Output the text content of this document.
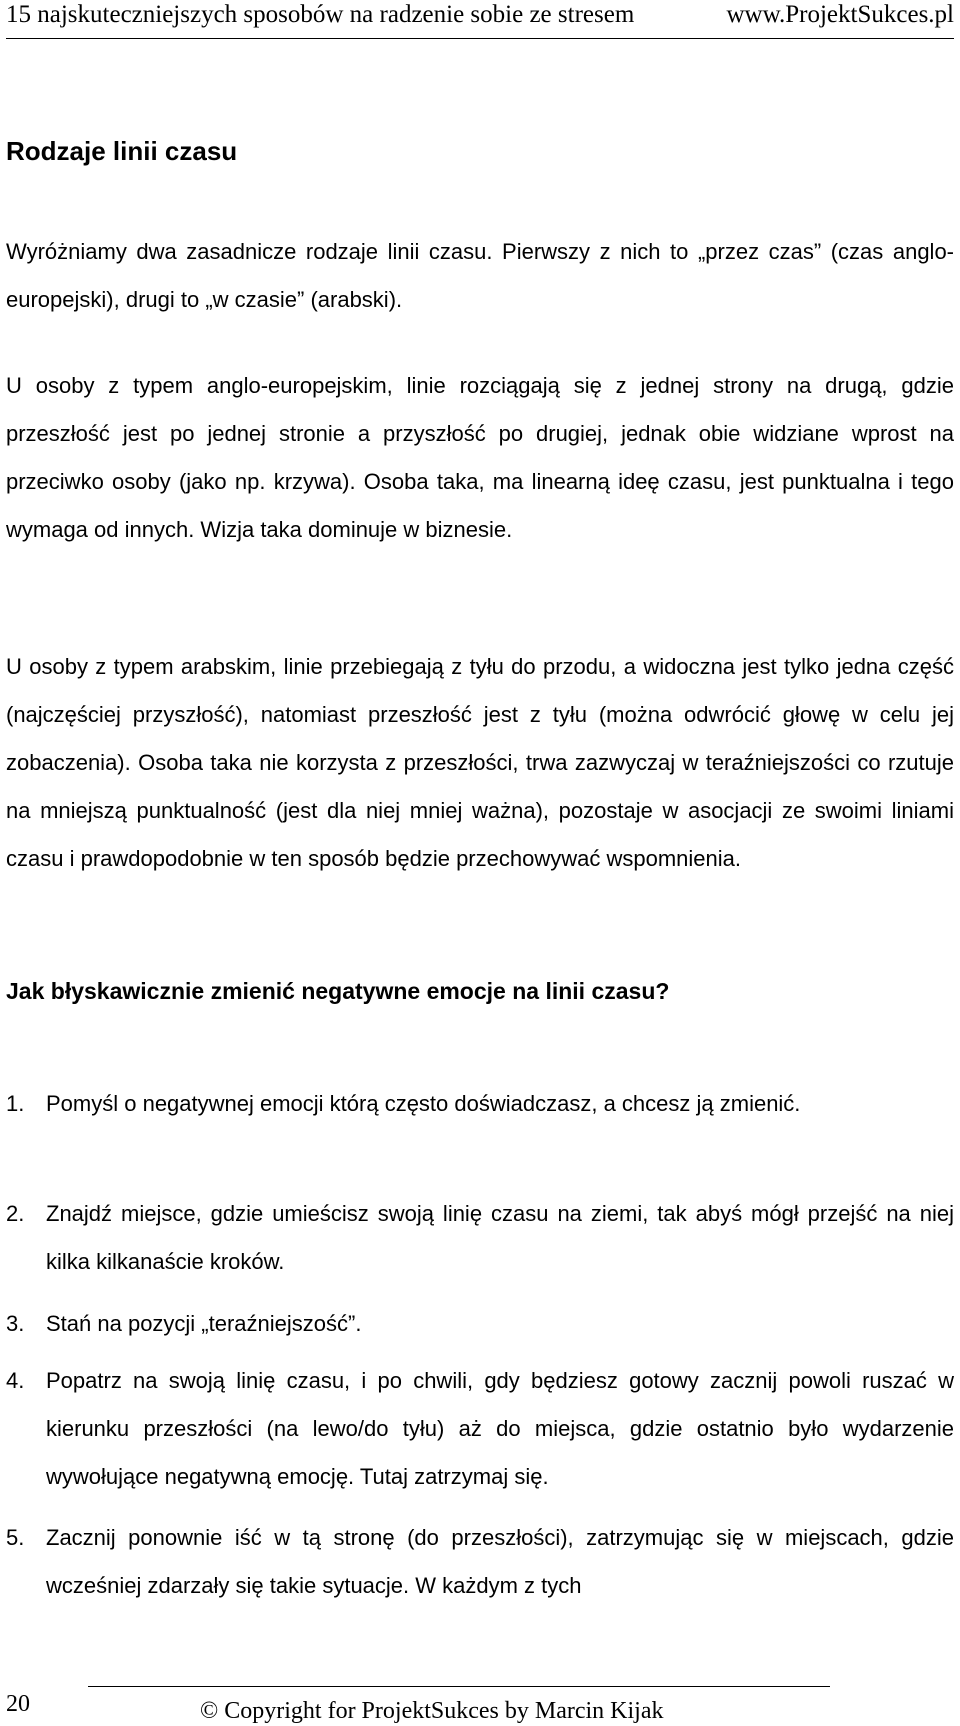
15 najskuteczniejszych sposobów na radzenie sobie ze stresem	www.ProjektSukces.pl
Rodzaje linii czasu

Wyróżniamy dwa zasadnicze rodzaje linii czasu. Pierwszy z nich to „przez czas” (czas anglo-europejski), drugi to „w czasie” (arabski).

U osoby z typem anglo-europejskim, linie rozciągają się z jednej strony na drugą, gdzie przeszłość jest po jednej stronie a przyszłość po drugiej, jednak obie widziane wprost na przeciwko osoby (jako np. krzywa). Osoba taka, ma linearną ideę czasu, jest punktualna i tego wymaga od innych. Wizja taka dominuje w biznesie.

U osoby z typem arabskim, linie przebiegają z tyłu do przodu, a widoczna jest tylko jedna część (najczęściej przyszłość), natomiast przeszłość jest z tyłu (można odwrócić głowę w celu jej zobaczenia). Osoba taka nie korzysta z przeszłości, trwa zazwyczaj w teraźniejszości co rzutuje na mniejszą punktualność (jest dla niej mniej ważna), pozostaje w asocjacji ze swoimi liniami czasu i prawdopodobnie w ten sposób będzie przechowywać wspomnienia.

Jak błyskawicznie zmienić negatywne emocje na linii czasu?
1. Pomyśl o negatywnej emocji którą często doświadczasz, a chcesz ją zmienić.
2. Znajdź miejsce, gdzie umieścisz swoją linię czasu na ziemi, tak abyś mógł przejść na niej kilka kilkanaście kroków.
3. Stań na pozycji „teraźniejszość”.
4. Popatrz na swoją linię czasu, i po chwili, gdy będziesz gotowy zacznij powoli ruszać w kierunku przeszłości (na lewo/do tyłu) aż do miejsca, gdzie ostatnio było wydarzenie wywołujące negatywną emocję. Tutaj zatrzymaj się.
5. Zacznij ponownie iść w tą stronę (do przeszłości), zatrzymując się w miejscach, gdzie wcześniej zdarzały się takie sytuacje. W każdym z tych
20	© Copyright for ProjektSukces by Marcin Kijak
